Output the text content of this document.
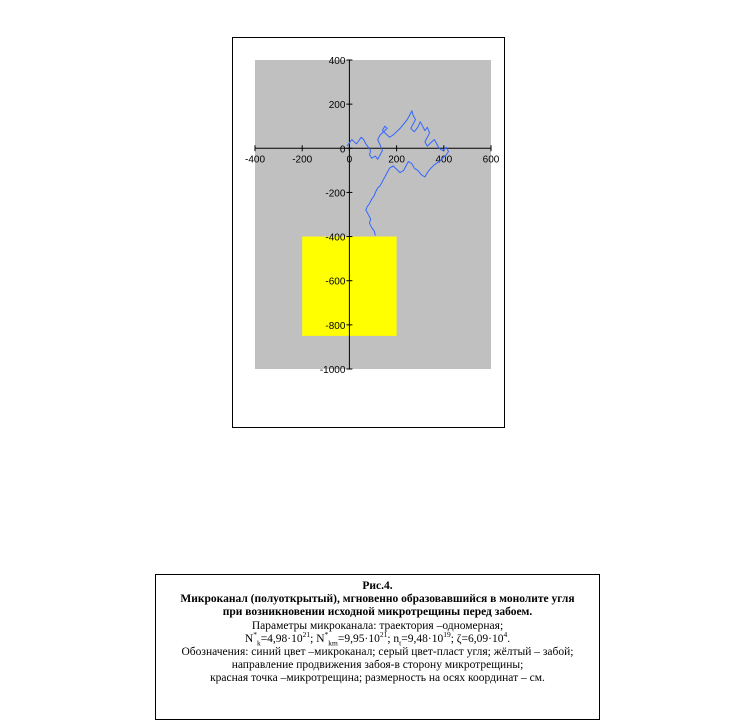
-400	-200	0	200	400	600
400
200
0
-200
-400
-600
-800
-1000
Рис.4.
Микроканал (полуоткрытый), мгновенно образовавшийся в монолите угля
при возникновении исходной микротрещины перед забоем.
Параметры микроканала: траектория –одномерная;
$N^*_k=4,98\cdot 10^{21}$; $N^*_{km}=9,95\cdot 10^{21}$; $n_t=9,48\cdot 10^{19}$; $\zeta=6,09\cdot 10^4$.
Обозначения: синий цвет –микроканал; серый цвет-пласт угля; жёлтый – забой;
направление продвижения забоя-в сторону микротрещины;
красная точка –микротрещина; размерность на осях координат – см.
